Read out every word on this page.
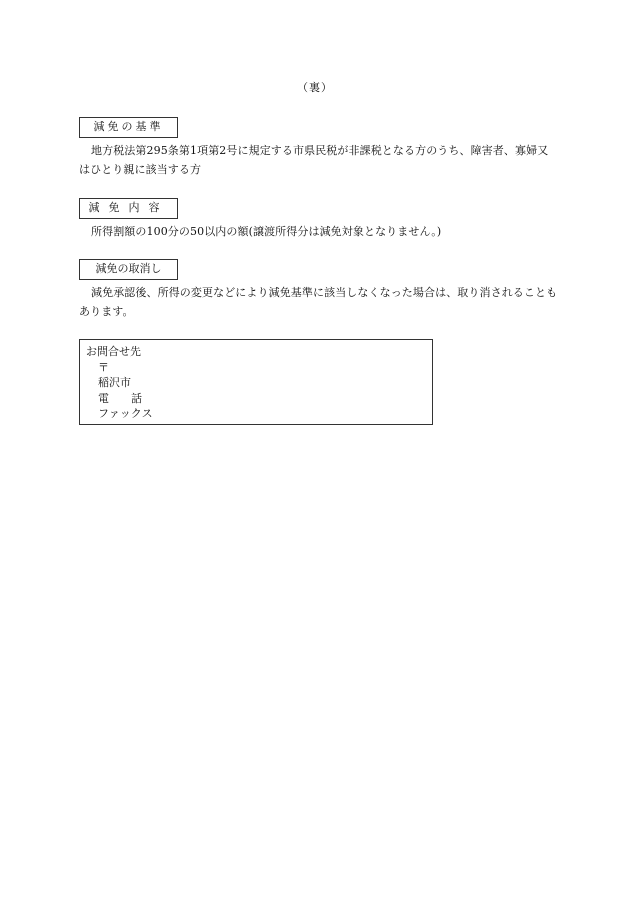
（裏）
減免の基準
地方税法第295条第1項第2号に規定する市県民税が非課税となる方のうち、障害者、寡婦又はひとり親に該当する方
減免内容
所得割額の100分の50以内の額(譲渡所得分は減免対象となりません。)
減免の取消し
減免承認後、所得の変更などにより減免基準に該当しなくなった場合は、取り消されることもあります。
お問合せ先
〒
稲沢市
電　　話
ファックス
